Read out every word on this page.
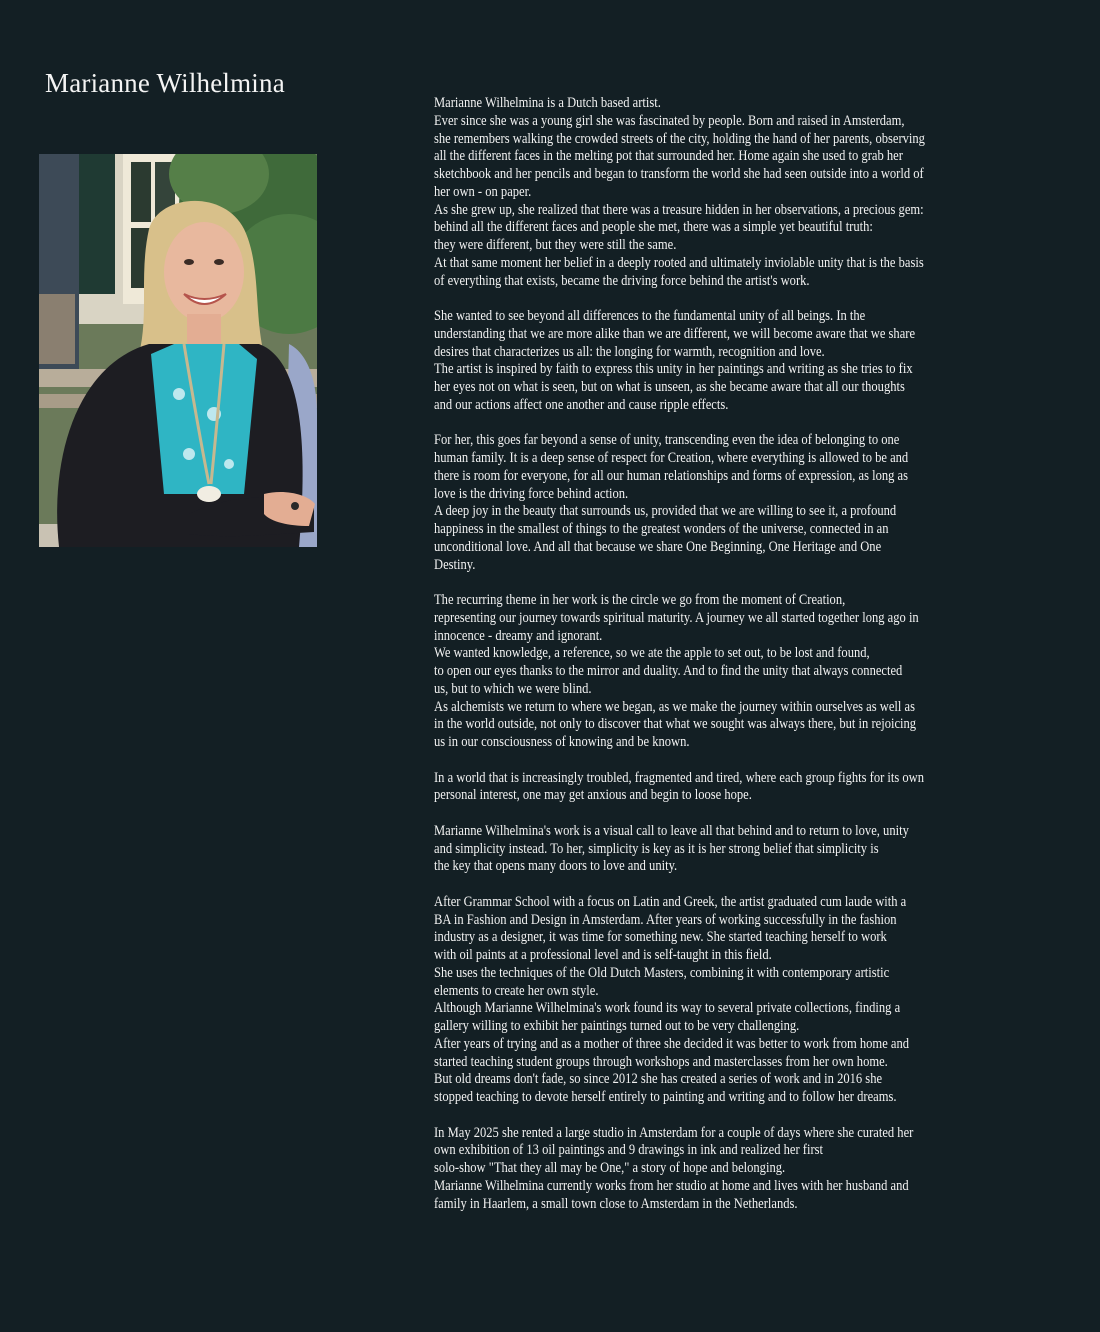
Marianne Wilhelmina

Marianne Wilhelmina is a Dutch based artist.
Ever since she was a young girl she was fascinated by people. Born and raised in Amsterdam,
she remembers walking the crowded streets of the city, holding the hand of her parents, observing
all the different faces in the melting pot that surrounded her. Home again she used to grab her
sketchbook and her pencils and began to transform the world she had seen outside into a world of
her own - on paper.
As she grew up, she realized that there was a treasure hidden in her observations, a precious gem:
behind all the different faces and people she met, there was a simple yet beautiful truth:
they were different, but they were still the same.
At that same moment her belief in a deeply rooted and ultimately inviolable unity that is the basis
of everything that exists, became the driving force behind the artist's work.

She wanted to see beyond all differences to the fundamental unity of all beings. In the
understanding that we are more alike than we are different, we will become aware that we share
desires that characterizes us all: the longing for warmth, recognition and love.
The artist is inspired by faith to express this unity in her paintings and writing as she tries to fix
her eyes not on what is seen, but on what is unseen, as she became aware that all our thoughts
and our actions affect one another and cause ripple effects.

For her, this goes far beyond a sense of unity, transcending even the idea of belonging to one
human family. It is a deep sense of respect for Creation, where everything is allowed to be and
there is room for everyone, for all our human relationships and forms of expression, as long as
love is the driving force behind action.
A deep joy in the beauty that surrounds us, provided that we are willing to see it, a profound
happiness in the smallest of things to the greatest wonders of the universe, connected in an
unconditional love. And all that because we share One Beginning, One Heritage and One
Destiny.

The recurring theme in her work is the circle we go from the moment of Creation,
representing our journey towards spiritual maturity. A journey we all started together long ago in
innocence - dreamy and ignorant.
We wanted knowledge, a reference, so we ate the apple to set out, to be lost and found,
to open our eyes thanks to the mirror and duality. And to find the unity that always connected
us, but to which we were blind.
As alchemists we return to where we began, as we make the journey within ourselves as well as
in the world outside, not only to discover that what we sought was always there, but in rejoicing
us in our consciousness of knowing and be known.

In a world that is increasingly troubled, fragmented and tired, where each group fights for its own
personal interest, one may get anxious and begin to loose hope.

Marianne Wilhelmina's work is a visual call to leave all that behind and to return to love, unity
and simplicity instead. To her, simplicity is key as it is her strong belief that simplicity is
the key that opens many doors to love and unity.

After Grammar School with a focus on Latin and Greek, the artist graduated cum laude with a
BA in Fashion and Design in Amsterdam. After years of working successfully in the fashion
industry as a designer, it was time for something new. She started teaching herself to work
with oil paints at a professional level and is self-taught in this field.
She uses the techniques of the Old Dutch Masters, combining it with contemporary artistic
elements to create her own style.
Although Marianne Wilhelmina's work found its way to several private collections, finding a
gallery willing to exhibit her paintings turned out to be very challenging.
After years of trying and as a mother of three she decided it was better to work from home and
started teaching student groups through workshops and masterclasses from her own home.
But old dreams don't fade, so since 2012 she has created a series of work and in 2016 she
stopped teaching to devote herself entirely to painting and writing and to follow her dreams.

In May 2025 she rented a large studio in Amsterdam for a couple of days where she curated her
own exhibition of 13 oil paintings and 9 drawings in ink and realized her first
solo-show "That they all may be One," a story of hope and belonging.
Marianne Wilhelmina currently works from her studio at home and lives with her husband and
family in Haarlem, a small town close to Amsterdam in the Netherlands.
